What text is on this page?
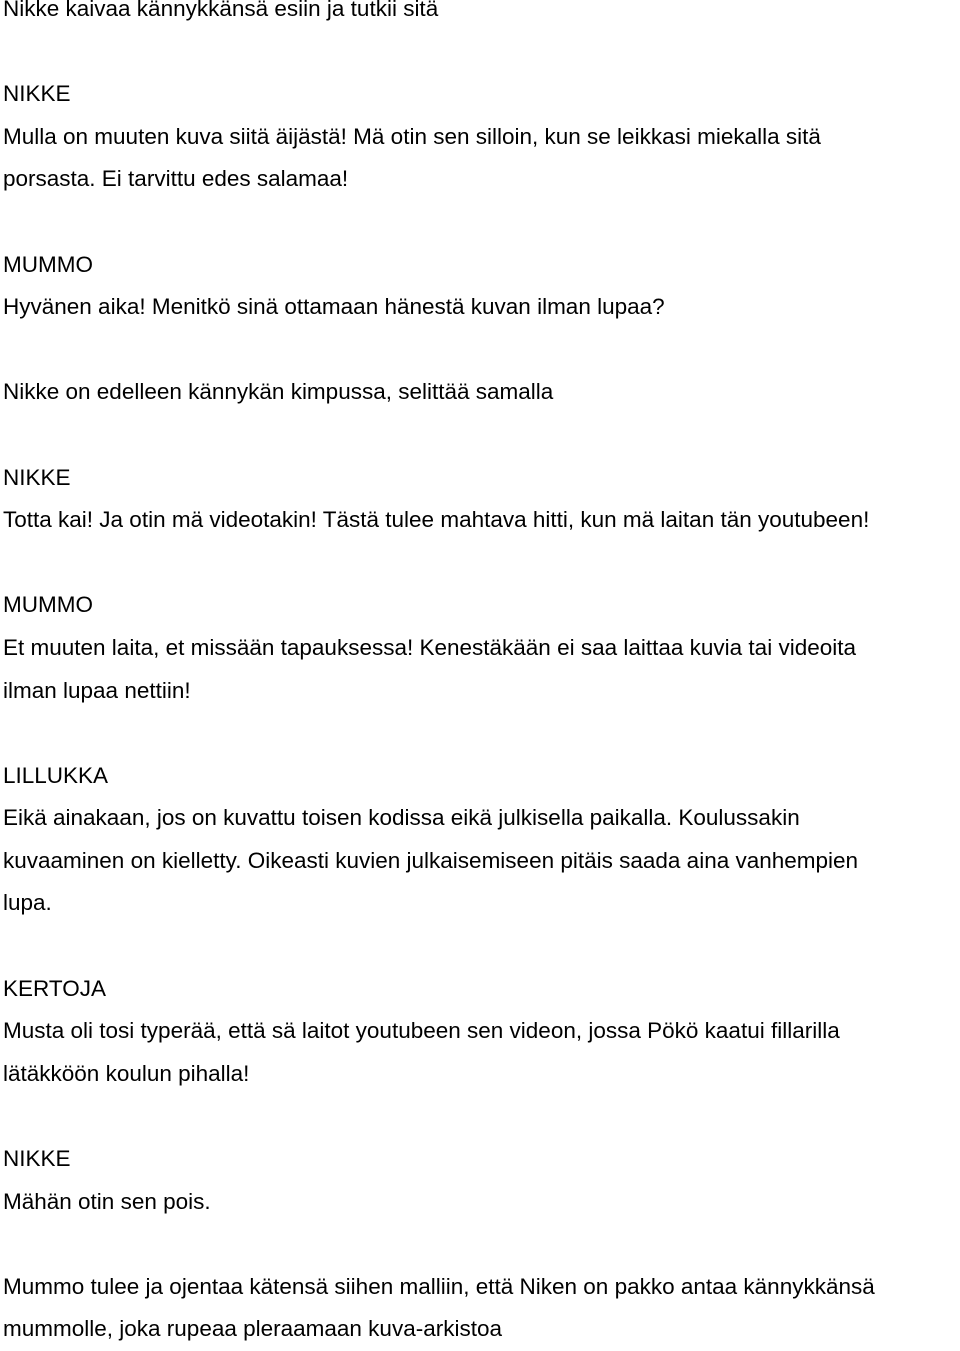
Nikke kaivaa kännykkänsä esiin ja tutkii sitä
NIKKE
Mulla on muuten kuva siitä äijästä! Mä otin sen silloin, kun se leikkasi miekalla sitä
porsasta. Ei tarvittu edes salamaa!
MUMMO
Hyvänen aika! Menitkö sinä ottamaan hänestä kuvan ilman lupaa?
Nikke on edelleen kännykän kimpussa, selittää samalla
NIKKE
Totta kai! Ja otin mä videotakin! Tästä tulee mahtava hitti, kun mä laitan tän youtubeen!
MUMMO
Et muuten laita, et missään tapauksessa! Kenestäkään ei saa laittaa kuvia tai videoita
ilman lupaa nettiin!
LILLUKKA
Eikä ainakaan, jos on kuvattu toisen kodissa eikä julkisella paikalla. Koulussakin
kuvaaminen on kielletty. Oikeasti kuvien julkaisemiseen pitäis saada aina vanhempien
lupa.
KERTOJA
Musta oli tosi typerää, että sä laitot youtubeen sen videon, jossa Pökö kaatui fillarilla
lätäkköön koulun pihalla!
NIKKE
Mähän otin sen pois.
Mummo tulee ja ojentaa kätensä siihen malliin, että Niken on pakko antaa kännykkänsä
mummolle, joka rupeaa pleraamaan kuva-arkistoa
